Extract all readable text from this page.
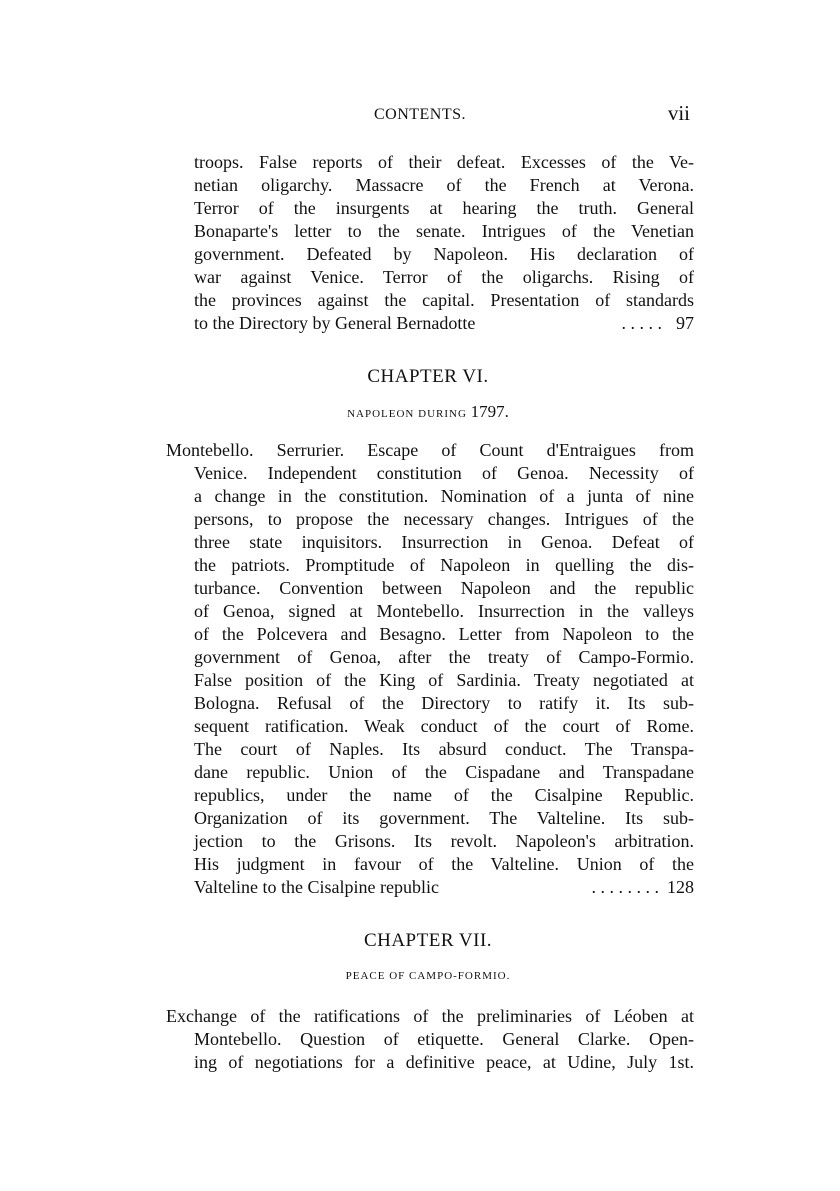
CONTENTS.	vii
troops. False reports of their defeat. Excesses of the Ve-
netian oligarchy. Massacre of the French at Verona.
Terror of the insurgents at hearing the truth. General
Bonaparte's letter to the senate. Intrigues of the Venetian
government. Defeated by Napoleon. His declaration of
war against Venice. Terror of the oligarchs. Rising of
the provinces against the capital. Presentation of standards
to the Directory by General Bernadotte	. . . . . 97
CHAPTER VI.
NAPOLEON DURING 1797.
Montebello. Serrurier. Escape of Count d'Entraigues from
Venice. Independent constitution of Genoa. Necessity of
a change in the constitution. Nomination of a junta of nine
persons, to propose the necessary changes. Intrigues of the
three state inquisitors. Insurrection in Genoa. Defeat of
the patriots. Promptitude of Napoleon in quelling the dis-
turbance. Convention between Napoleon and the republic
of Genoa, signed at Montebello. Insurrection in the valleys
of the Polcevera and Besagno. Letter from Napoleon to the
government of Genoa, after the treaty of Campo-Formio.
False position of the King of Sardinia. Treaty negotiated at
Bologna. Refusal of the Directory to ratify it. Its sub-
sequent ratification. Weak conduct of the court of Rome.
The court of Naples. Its absurd conduct. The Transpa-
dane republic. Union of the Cispadane and Transpadane
republics, under the name of the Cisalpine Republic.
Organization of its government. The Valteline. Its sub-
jection to the Grisons. Its revolt. Napoleon's arbitration.
His judgment in favour of the Valteline. Union of the
Valteline to the Cisalpine republic	. . . . . . . . 128
CHAPTER VII.
PEACE OF CAMPO-FORMIO.
Exchange of the ratifications of the preliminaries of Léoben at
Montebello. Question of etiquette. General Clarke. Open-
ing of negotiations for a definitive peace, at Udine, July 1st.
